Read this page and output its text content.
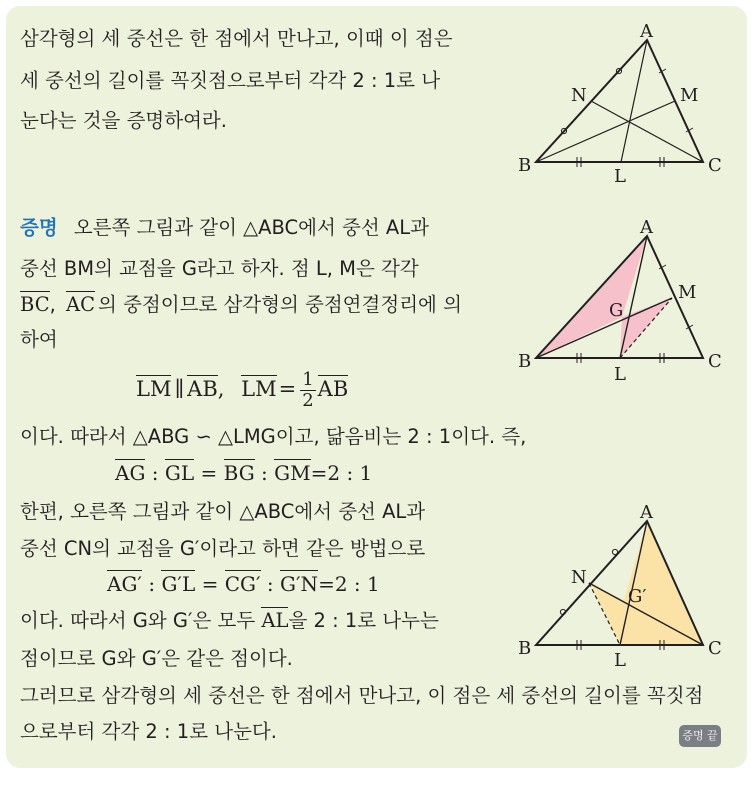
삼각형의 세 중선은 한 점에서 만나고, 이때 이 점은
세 중선의 길이를 꼭짓점으로부터 각각 2 : 1로 나
눈다는 것을 증명하여라.
A
B	C
L
M
N
증명 오른쪽 그림과 같이 △ABC에서 중선 AL과
중선 BM의 교점을 G라고 하자. 점 L, M은 각각
BC, AC 의 중점이므로 삼각형의 중점연결정리에 의
하여
LM ∥ AB, $LM= \frac{1}{2}$ AB
A
B	C
L
M
G
이다. 따라서 △ABG ∽ △LMG이고, 닮음비는 2 : 1이다. 즉,
AG : GL = BG : GM=2 : 1
한편, 오른쪽 그림과 같이 △ABC에서 중선 AL과
중선 CN의 교점을 G′이라고 하면 같은 방법으로
AG′ : G′L = CG′ : G′N=2 : 1
이다. 따라서 G와 G′은 모두 AL을 2 : 1로 나누는
점이므로 G와 G′은 같은 점이다.
A
B	C
L
N
G′
그러므로 삼각형의 세 중선은 한 점에서 만나고, 이 점은 세 중선의 길이를 꼭짓점
으로부터 각각 2 : 1로 나눈다.	증명 끝
